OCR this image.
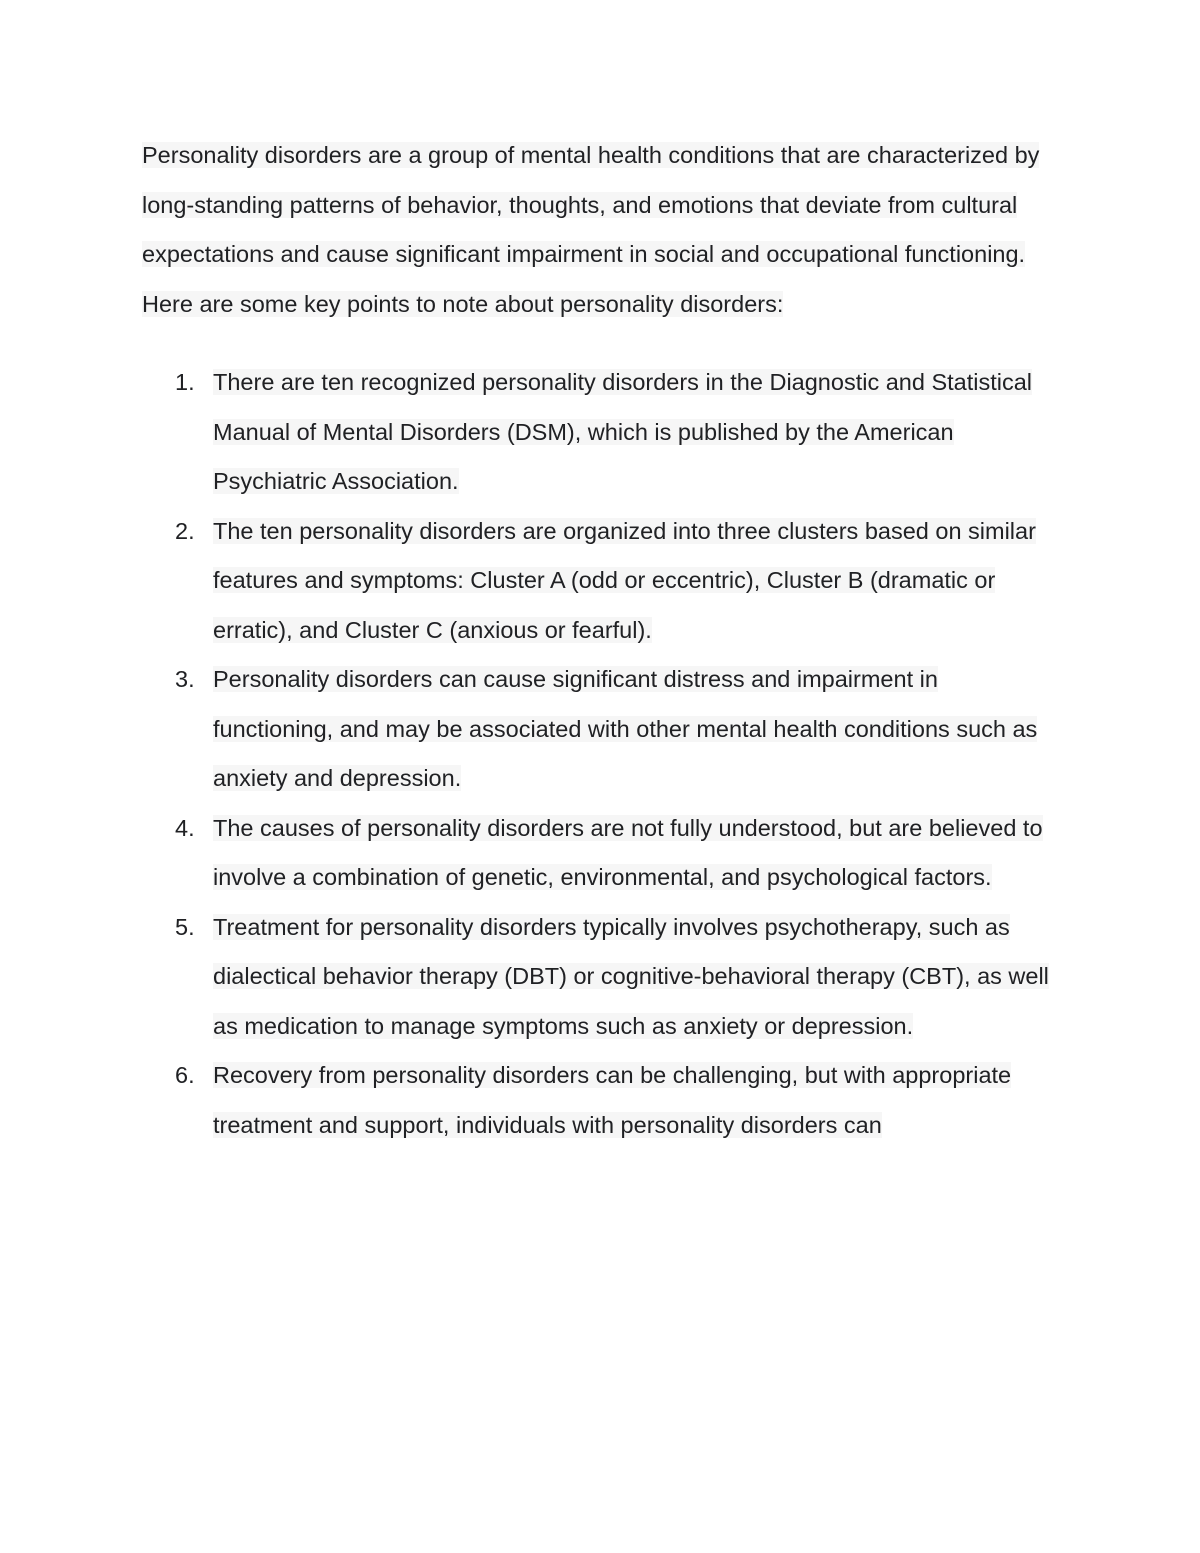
Personality disorders are a group of mental health conditions that are characterized by long-standing patterns of behavior, thoughts, and emotions that deviate from cultural expectations and cause significant impairment in social and occupational functioning. Here are some key points to note about personality disorders:

1. There are ten recognized personality disorders in the Diagnostic and Statistical Manual of Mental Disorders (DSM), which is published by the American Psychiatric Association.
2. The ten personality disorders are organized into three clusters based on similar features and symptoms: Cluster A (odd or eccentric), Cluster B (dramatic or erratic), and Cluster C (anxious or fearful).
3. Personality disorders can cause significant distress and impairment in functioning, and may be associated with other mental health conditions such as anxiety and depression.
4. The causes of personality disorders are not fully understood, but are believed to involve a combination of genetic, environmental, and psychological factors.
5. Treatment for personality disorders typically involves psychotherapy, such as dialectical behavior therapy (DBT) or cognitive-behavioral therapy (CBT), as well as medication to manage symptoms such as anxiety or depression.
6. Recovery from personality disorders can be challenging, but with appropriate treatment and support, individuals with personality disorders can
